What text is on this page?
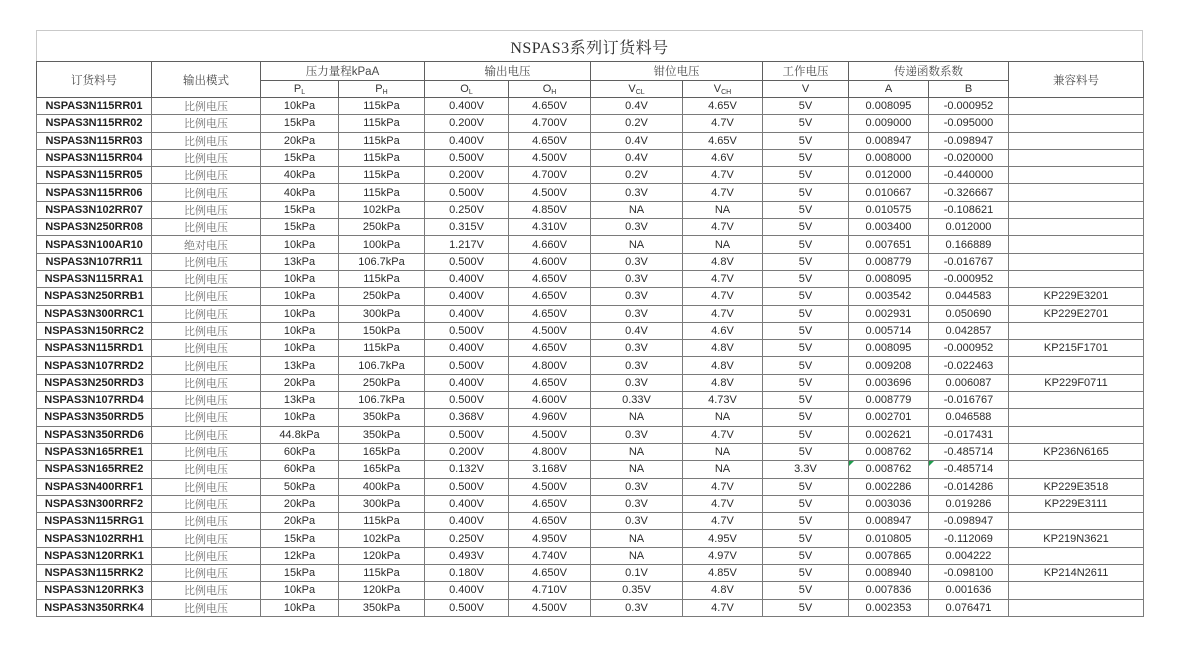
NSPAS3系列订货料号
订货料号	输出模式	压力量程kPaA		输出电压		钳位电压		工作电压	传递函数系数		兼容料号
		$P_L$	$P_H$	$O_L$	$O_H$	$V_{CL}$	$V_{CH}$	V	A	B	
NSPAS3N115RR01	比例电压	10kPa	115kPa	0.400V	4.650V	0.4V	4.65V	5V	0.008095	-0.000952	
NSPAS3N115RR02	比例电压	15kPa	115kPa	0.200V	4.700V	0.2V	4.7V	5V	0.009000	-0.095000	
NSPAS3N115RR03	比例电压	20kPa	115kPa	0.400V	4.650V	0.4V	4.65V	5V	0.008947	-0.098947	
NSPAS3N115RR04	比例电压	15kPa	115kPa	0.500V	4.500V	0.4V	4.6V	5V	0.008000	-0.020000	
NSPAS3N115RR05	比例电压	40kPa	115kPa	0.200V	4.700V	0.2V	4.7V	5V	0.012000	-0.440000	
NSPAS3N115RR06	比例电压	40kPa	115kPa	0.500V	4.500V	0.3V	4.7V	5V	0.010667	-0.326667	
NSPAS3N102RR07	比例电压	15kPa	102kPa	0.250V	4.850V	NA	NA	5V	0.010575	-0.108621	
NSPAS3N250RR08	比例电压	15kPa	250kPa	0.315V	4.310V	0.3V	4.7V	5V	0.003400	0.012000	
NSPAS3N100AR10	绝对电压	10kPa	100kPa	1.217V	4.660V	NA	NA	5V	0.007651	0.166889	
NSPAS3N107RR11	比例电压	13kPa	106.7kPa	0.500V	4.600V	0.3V	4.8V	5V	0.008779	-0.016767	
NSPAS3N115RRA1	比例电压	10kPa	115kPa	0.400V	4.650V	0.3V	4.7V	5V	0.008095	-0.000952	
NSPAS3N250RRB1	比例电压	10kPa	250kPa	0.400V	4.650V	0.3V	4.7V	5V	0.003542	0.044583	KP229E3201
NSPAS3N300RRC1	比例电压	10kPa	300kPa	0.400V	4.650V	0.3V	4.7V	5V	0.002931	0.050690	KP229E2701
NSPAS3N150RRC2	比例电压	10kPa	150kPa	0.500V	4.500V	0.4V	4.6V	5V	0.005714	0.042857	
NSPAS3N115RRD1	比例电压	10kPa	115kPa	0.400V	4.650V	0.3V	4.8V	5V	0.008095	-0.000952	KP215F1701
NSPAS3N107RRD2	比例电压	13kPa	106.7kPa	0.500V	4.800V	0.3V	4.8V	5V	0.009208	-0.022463	
NSPAS3N250RRD3	比例电压	20kPa	250kPa	0.400V	4.650V	0.3V	4.8V	5V	0.003696	0.006087	KP229F0711
NSPAS3N107RRD4	比例电压	13kPa	106.7kPa	0.500V	4.600V	0.33V	4.73V	5V	0.008779	-0.016767	
NSPAS3N350RRD5	比例电压	10kPa	350kPa	0.368V	4.960V	NA	NA	5V	0.002701	0.046588	
NSPAS3N350RRD6	比例电压	44.8kPa	350kPa	0.500V	4.500V	0.3V	4.7V	5V	0.002621	-0.017431	
NSPAS3N165RRE1	比例电压	60kPa	165kPa	0.200V	4.800V	NA	NA	5V	0.008762	-0.485714	KP236N6165
NSPAS3N165RRE2	比例电压	60kPa	165kPa	0.132V	3.168V	NA	NA	3.3V	0.008762	-0.485714

NSPAS3N400RRF1	比例电压	50kPa	400kPa	0.500V	4.500V	0.3V	4.7V	5V	0.002286	-0.014286	KP229E3518
NSPAS3N300RRF2	比例电压	20kPa	300kPa	0.400V	4.650V	0.3V	4.7V	5V	0.003036	0.019286	KP229E3111
NSPAS3N115RRG1	比例电压	20kPa	115kPa	0.400V	4.650V	0.3V	4.7V	5V	0.008947	-0.098947	
NSPAS3N102RRH1	比例电压	15kPa	102kPa	0.250V	4.950V	NA	4.95V	5V	0.010805	-0.112069	KP219N3621
NSPAS3N120RRK1	比例电压	12kPa	120kPa	0.493V	4.740V	NA	4.97V	5V	0.007865	0.004222	
NSPAS3N115RRK2	比例电压	15kPa	115kPa	0.180V	4.650V	0.1V	4.85V	5V	0.008940	-0.098100	KP214N2611
NSPAS3N120RRK3	比例电压	10kPa	120kPa	0.400V	4.710V	0.35V	4.8V	5V	0.007836	0.001636	
NSPAS3N350RRK4	比例电压	10kPa	350kPa	0.500V	4.500V	0.3V	4.7V	5V	0.002353	0.076471	
